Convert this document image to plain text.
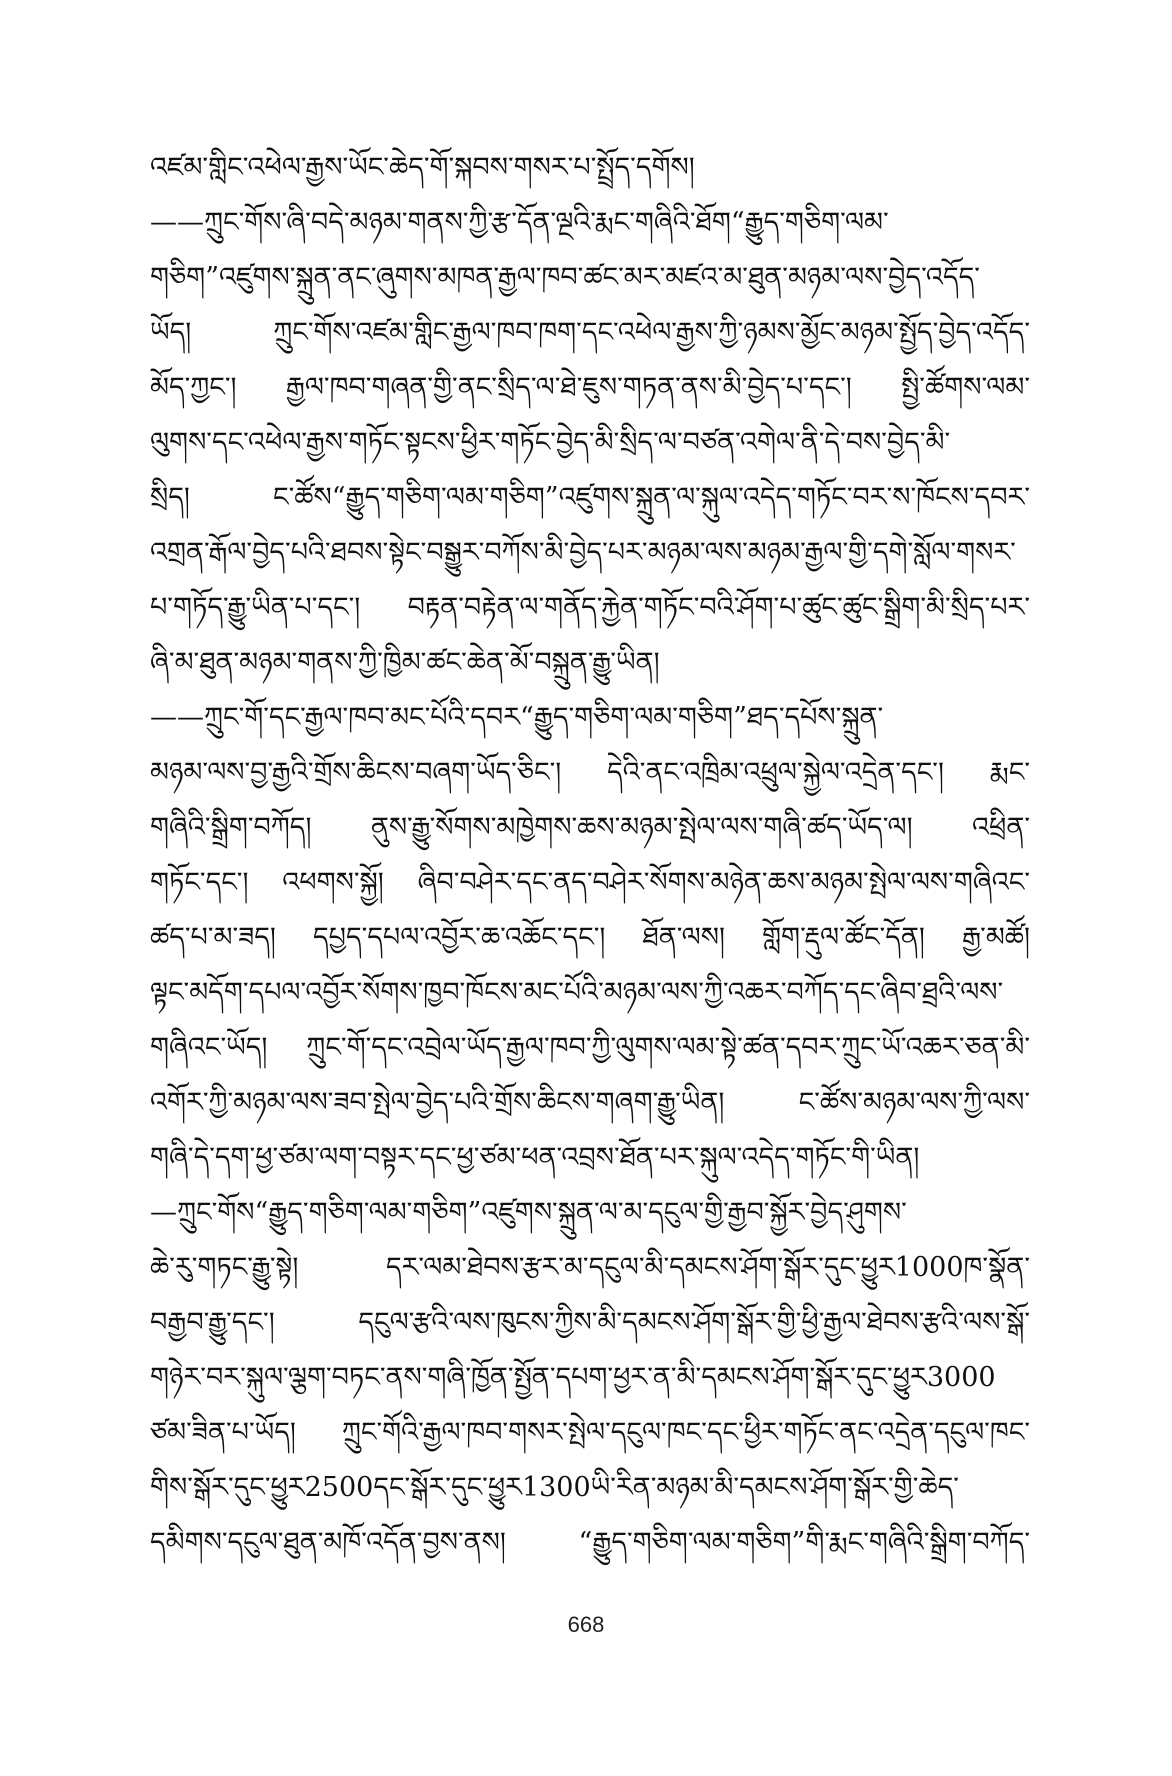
འཛམ་གླིང་འཕེལ་རྒྱས་ཡོང་ཆེད་གོ་སྐབས་གསར་པ་སྤྲོད་དགོས།
——ཀྲུང་གོས་ཞི་བདེ་མཉམ་གནས་ཀྱི་རྩ་དོན་ལྔའི་རྨང་གཞིའི་ཐོག“རྒྱུད་གཅིག་ལམ་
གཅིག”འཛུགས་སྐྲུན་ནང་ཞུགས་མཁན་རྒྱལ་ཁབ་ཚང་མར་མཛའ་མ་ཐུན་མཉམ་ལས་བྱེད་འདོད་
ཡོད། ཀྲུང་གོས་འཛམ་གླིང་རྒྱལ་ཁབ་ཁག་དང་འཕེལ་རྒྱས་ཀྱི་ཉམས་མྱོང་མཉམ་སྤྱོད་བྱེད་འདོད་
མོད་ཀྱང་། རྒྱལ་ཁབ་གཞན་གྱི་ནང་སྲིད་ལ་ཐེ་ཇུས་གཏན་ནས་མི་བྱེད་པ་དང་། སྤྱི་ཚོགས་ལམ་
ལུགས་དང་འཕེལ་རྒྱས་གཏོང་སྟངས་ཕྱིར་གཏོང་བྱེད་མི་སྲིད་ལ་བཙན་འགེལ་ནི་དེ་བས་བྱེད་མི་
སྲིད། ང་ཚོས“རྒྱུད་གཅིག་ལམ་གཅིག”འཛུགས་སྐྲུན་ལ་སྐུལ་འདེད་གཏོང་བར་ས་ཁོངས་དབར་
འགྲན་རྒོལ་བྱེད་པའི་ཐབས་སྟེང་བསྒྱུར་བཀོས་མི་བྱེད་པར་མཉམ་ལས་མཉམ་རྒྱལ་གྱི་དགེ་སློལ་གསར་
པ་གཏོད་རྒྱུ་ཡིན་པ་དང་། བརྟན་བརྟེན་ལ་གནོད་རྐྱེན་གཏོང་བའི་ཤོག་པ་ཚུང་ཚུང་སྒྲིག་མི་སྲིད་པར་
ཞི་མ་ཐུན་མཉམ་གནས་ཀྱི་ཁྱིམ་ཚང་ཆེན་མོ་བསྐྲུན་རྒྱུ་ཡིན།
——ཀྲུང་གོ་དང་རྒྱལ་ཁབ་མང་པོའི་དབར“རྒྱུད་གཅིག་ལམ་གཅིག”ཐད་དཔོས་སྐྲུན་
མཉམ་ལས་བྱ་རྒྱའི་གྲོས་ཆིངས་བཞག་ཡོད་ཅིང་། དེའི་ནང་འཁྲིམ་འཕྲུལ་སྐྱེལ་འདྲེན་དང་། རྨང་
གཞིའི་སྒྲིག་བཀོད། ནུས་རྒྱུ་སོགས་མཁྱེགས་ཆས་མཉམ་སྤེལ་ལས་གཞི་ཚད་ཡོད་ལ། འཕྲིན་
གཏོང་དང་། འཕགས་སྐྱོ། ཞིབ་བཤེར་དང་ནད་བཤེར་སོགས་མཉེན་ཆས་མཉམ་སྤེལ་ལས་གཞིའང་
ཚད་པ་མ་ཟད། དཔྱད་དཔལ་འབྱོར་ཆ་འཆོང་དང་། ཐོན་ལས། གློག་རྡུལ་ཚོང་དོན། རྒྱ་མཚོ།
ལྟང་མདོག་དཔལ་འབྱོར་སོགས་ཁྱབ་ཁོངས་མང་པོའི་མཉམ་ལས་ཀྱི་འཆར་བཀོད་དང་ཞིབ་ཐྲའི་ལས་
གཞིའང་ཡོད། ཀྲུང་གོ་དང་འབྲེལ་ཡོད་རྒྱལ་ཁབ་ཀྱི་ལུགས་ལམ་སྟེ་ཚན་དབར་ཀྲུང་ཡོ་འཆར་ཅན་མི་
འགོར་ཀྱི་མཉམ་ལས་ཟབ་སྤེལ་བྱེད་པའི་གྲོས་ཆིངས་གཞག་རྒྱུ་ཡིན། ང་ཚོས་མཉམ་ལས་ཀྱི་ལས་
གཞི་དེ་དག་ཕྱ་ཙམ་ལག་བསྟར་དང་ཕྱ་ཙམ་ཕན་འབྲས་ཐོན་པར་སྐུལ་འདེད་གཏོང་གི་ཡིན།
—ཀྲུང་གོས“རྒྱུད་གཅིག་ལམ་གཅིག”འཛུགས་སྐྲུན་ལ་མ་དངུལ་གྱི་རྒྱབ་སྐྱོར་བྱེད་ཤུགས་
ཆེ་རུ་གཏང་རྒྱུ་སྟེ། དར་ལམ་ཐེབས་རྩར་མ་དངུལ་མི་དམངས་ཤོག་སྒོར་དུང་ཕྱུར1000ཁ་སྣོན་
བརྒྱབ་རྒྱུ་དང་། དངུལ་རྩའི་ལས་ཁུངས་ཀྱིས་མི་དམངས་ཤོག་སྒོར་གྱི་ཕྱི་རྒྱལ་ཐེབས་རྩའི་ལས་སྒོ་
གཉེར་བར་སྐུལ་ལྕག་བཏང་ནས་གཞི་ཁྱོན་སྤྱོན་དཔག་ཕྱར་ན་མི་དམངས་ཤོག་སྒོར་དུང་ཕྱུར3000
ཙམ་ཟིན་པ་ཡོད། ཀྲུང་གོའི་རྒྱལ་ཁབ་གསར་སྤེལ་དངུལ་ཁང་དང་ཕྱིར་གཏོང་ནང་འདྲེན་དངུལ་ཁང་
གིས་སྒོར་དུང་ཕྱུར2500དང་སྒོར་དུང་ཕྱུར1300ཡི་རིན་མཉམ་མི་དམངས་ཤོག་སྒོར་གྱི་ཆེད་
དམིགས་དངུལ་ཐུན་མཁོ་འདོན་བྱས་ནས། “རྒྱུད་གཅིག་ལམ་གཅིག”གི་རྨང་གཞིའི་སྒྲིག་བཀོད་
668
